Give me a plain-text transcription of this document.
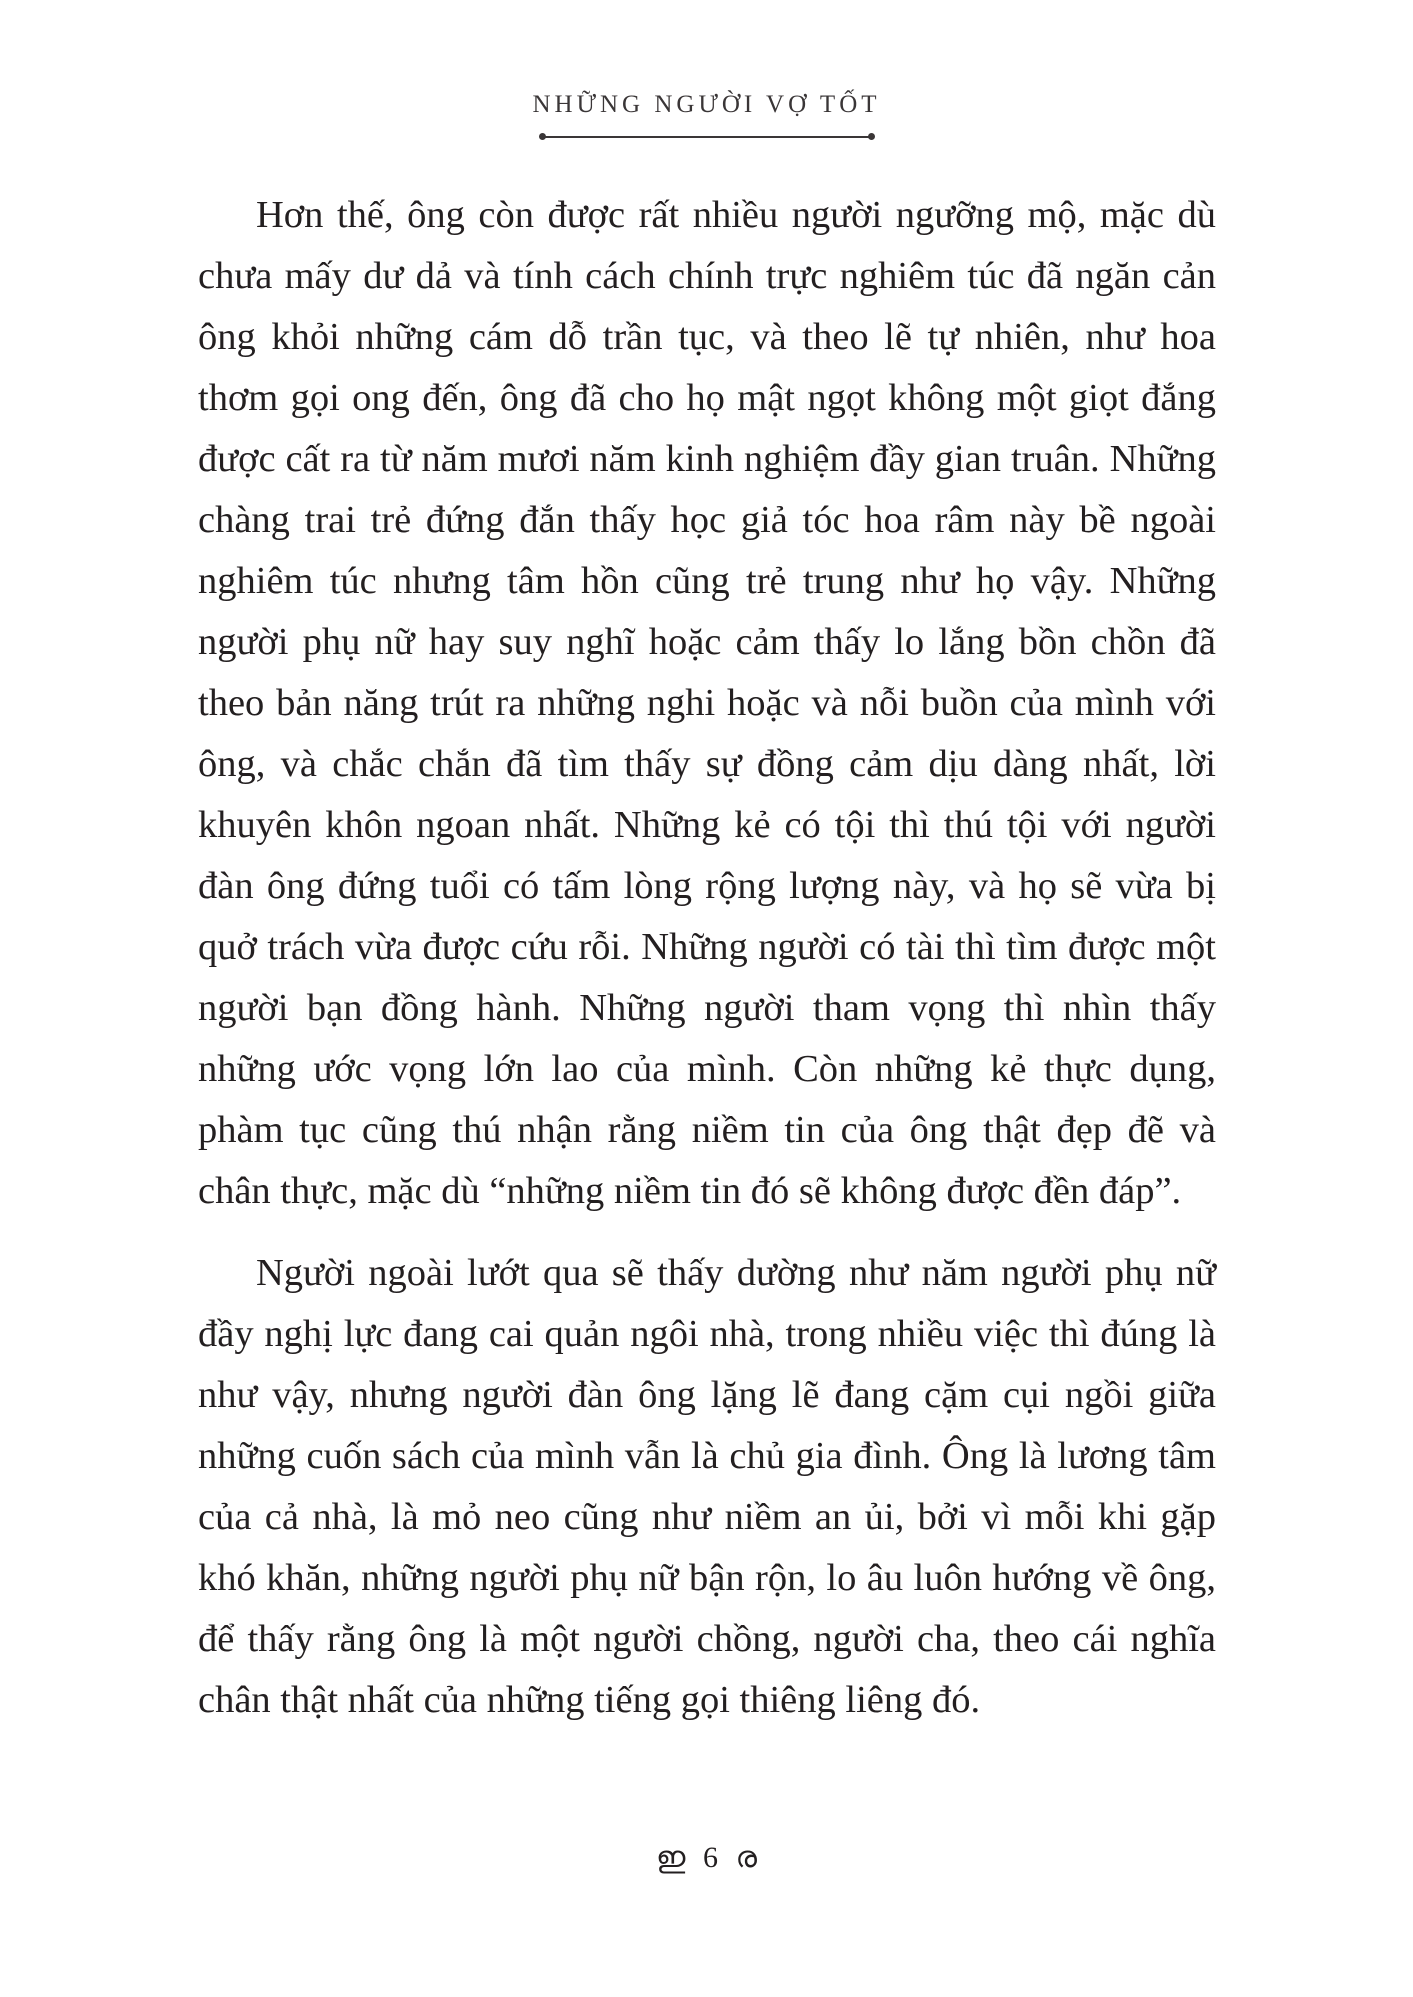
NHỮNG NGƯỜI VỢ TỐT

Hơn thế, ông còn được rất nhiều người ngưỡng mộ, mặc dù chưa mấy dư dả và tính cách chính trực nghiêm túc đã ngăn cản ông khỏi những cám dỗ trần tục, và theo lẽ tự nhiên, như hoa thơm gọi ong đến, ông đã cho họ mật ngọt không một giọt đắng được cất ra từ năm mươi năm kinh nghiệm đầy gian truân. Những chàng trai trẻ đứng đắn thấy học giả tóc hoa râm này bề ngoài nghiêm túc nhưng tâm hồn cũng trẻ trung như họ vậy. Những người phụ nữ hay suy nghĩ hoặc cảm thấy lo lắng bồn chồn đã theo bản năng trút ra những nghi hoặc và nỗi buồn của mình với ông, và chắc chắn đã tìm thấy sự đồng cảm dịu dàng nhất, lời khuyên khôn ngoan nhất. Những kẻ có tội thì thú tội với người đàn ông đứng tuổi có tấm lòng rộng lượng này, và họ sẽ vừa bị quở trách vừa được cứu rỗi. Những người có tài thì tìm được một người bạn đồng hành. Những người tham vọng thì nhìn thấy những ước vọng lớn lao của mình. Còn những kẻ thực dụng, phàm tục cũng thú nhận rằng niềm tin của ông thật đẹp đẽ và chân thực, mặc dù “những niềm tin đó sẽ không được đền đáp”.

Người ngoài lướt qua sẽ thấy dường như năm người phụ nữ đầy nghị lực đang cai quản ngôi nhà, trong nhiều việc thì đúng là như vậy, nhưng người đàn ông lặng lẽ đang cặm cụi ngồi giữa những cuốn sách của mình vẫn là chủ gia đình. Ông là lương tâm của cả nhà, là mỏ neo cũng như niềm an ủi, bởi vì mỗi khi gặp khó khăn, những người phụ nữ bận rộn, lo âu luôn hướng về ông, để thấy rằng ông là một người chồng, người cha, theo cái nghĩa chân thật nhất của những tiếng gọi thiêng liêng đó.

ഇ 6 ര
